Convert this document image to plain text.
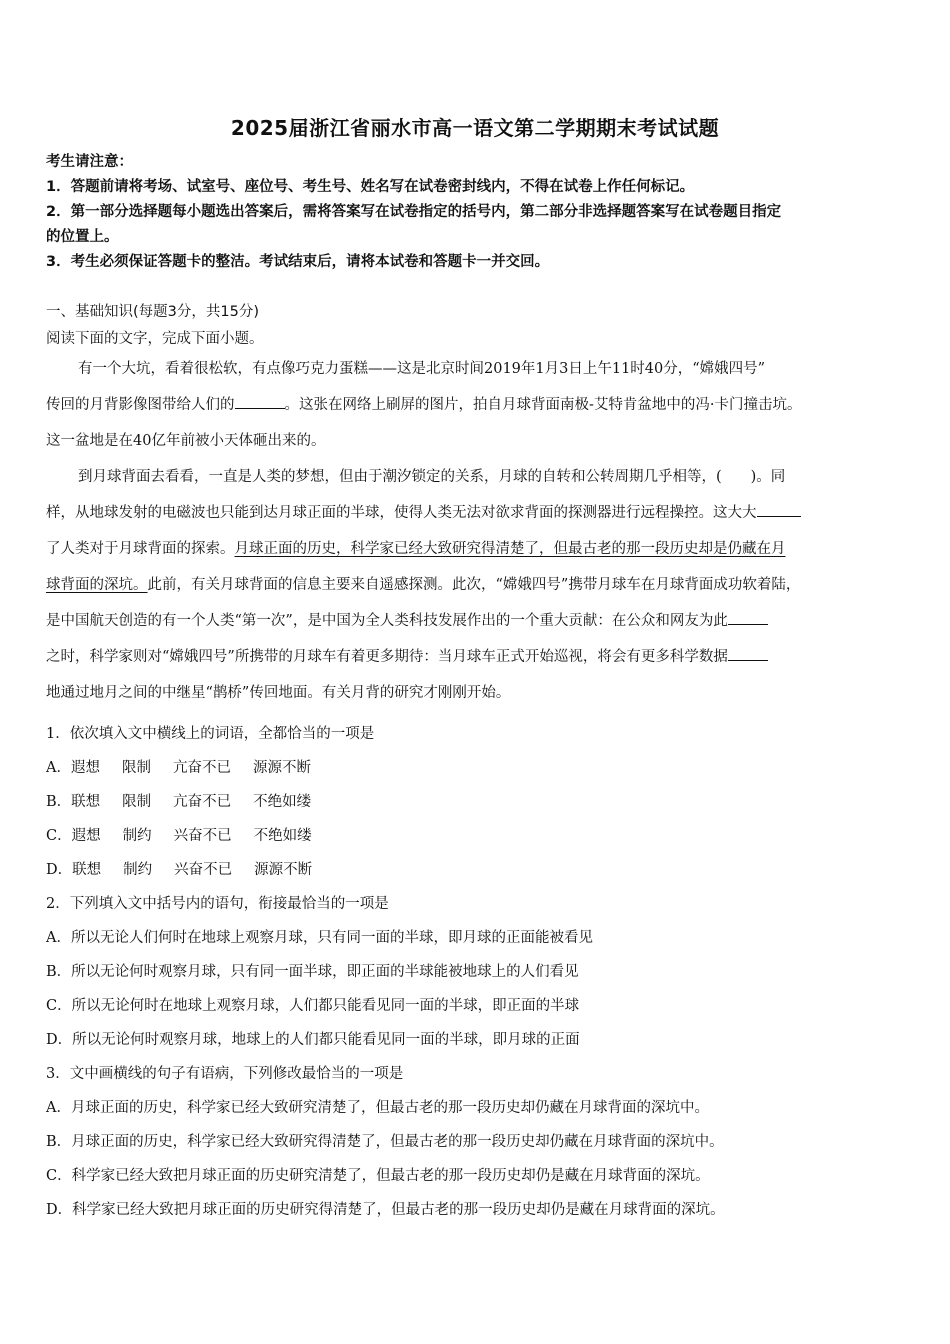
2025届浙江省丽水市高一语文第二学期期末考试试题
考生请注意：
1．答题前请将考场、试室号、座位号、考生号、姓名写在试卷密封线内，不得在试卷上作任何标记。
2．第一部分选择题每小题选出答案后，需将答案写在试卷指定的括号内，第二部分非选择题答案写在试卷题目指定
的位置上。
3．考生必须保证答题卡的整洁。考试结束后，请将本试卷和答题卡一并交回。
一、基础知识(每题3分，共15分)
阅读下面的文字，完成下面小题。
有一个大坑，看着很松软，有点像巧克力蛋糕——这是北京时间2019年1月3日上午11时40分，“嫦娥四号”
传回的月背影像图带给人们的	。这张在网络上刷屏的图片，拍自月球背面南极-艾特肯盆地中的冯·卡门撞击坑。
这一盆地是在40亿年前被小天体砸出来的。
到月球背面去看看，一直是人类的梦想，但由于潮汐锁定的关系，月球的自转和公转周期几乎相等，(　　)。同
样，从地球发射的电磁波也只能到达月球正面的半球，使得人类无法对欲求背面的探测器进行远程操控。这大大
了人类对于月球背面的探索。月球正面的历史，科学家已经大致研究得清楚了，但最古老的那一段历史却是仍藏在月
球背面的深坑。此前，有关月球背面的信息主要来自遥感探测。此次，“嫦娥四号”携带月球车在月球背面成功软着陆，
是中国航天创造的有一个人类“第一次”，是中国为全人类科技发展作出的一个重大贡献：在公众和网友为此
之时，科学家则对“嫦娥四号”所携带的月球车有着更多期待：当月球车正式开始巡视，将会有更多科学数据
地通过地月之间的中继星“鹊桥”传回地面。有关月背的研究才刚刚开始。
1．依次填入文中横线上的词语，全都恰当的一项是
A．遐想 限制 亢奋不已 源源不断
B．联想 限制 亢奋不已 不绝如缕
C．遐想 制约 兴奋不已 不绝如缕
D．联想 制约 兴奋不已 源源不断
2．下列填入文中括号内的语句，衔接最恰当的一项是
A．所以无论人们何时在地球上观察月球，只有同一面的半球，即月球的正面能被看见
B．所以无论何时观察月球，只有同一面半球，即正面的半球能被地球上的人们看见
C．所以无论何时在地球上观察月球，人们都只能看见同一面的半球，即正面的半球
D．所以无论何时观察月球，地球上的人们都只能看见同一面的半球，即月球的正面
3．文中画横线的句子有语病，下列修改最恰当的一项是
A．月球正面的历史，科学家已经大致研究清楚了，但最古老的那一段历史却仍藏在月球背面的深坑中。
B．月球正面的历史，科学家已经大致研究得清楚了，但最古老的那一段历史却仍藏在月球背面的深坑中。
C．科学家已经大致把月球正面的历史研究清楚了，但最古老的那一段历史却仍是藏在月球背面的深坑。
D．科学家已经大致把月球正面的历史研究得清楚了，但最古老的那一段历史却仍是藏在月球背面的深坑。
